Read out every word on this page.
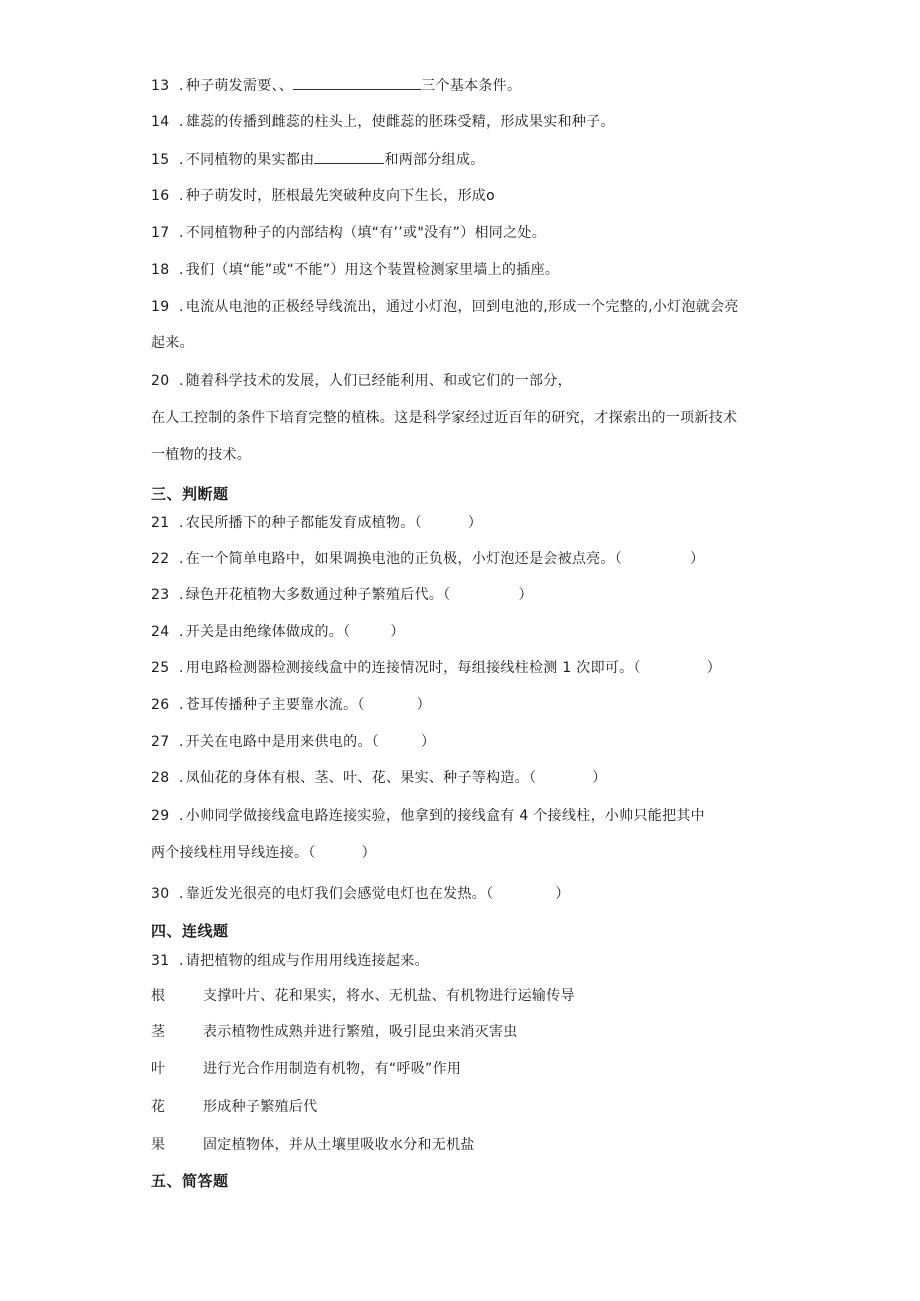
13 . 种子萌发需要、、	三个基本条件。
14 . 雄蕊的传播到雌蕊的柱头上，使雌蕊的胚珠受精，形成果实和种子。
15 . 不同植物的果实都由	和两部分组成。
16 . 种子萌发时，胚根最先突破种皮向下生长，形成o
17 . 不同植物种子的内部结构（填“有’’或"没有”）相同之处。
18 . 我们（填“能”或“不能”）用这个装置检测家里墙上的插座。
19 . 电流从电池的正极经导线流出，通过小灯泡，回到电池的,形成一个完整的,小灯泡就会亮
起来。
20 . 随着科学技术的发展，人们已经能利用、和或它们的一部分，
在人工控制的条件下培育完整的植株。这是科学家经过近百年的研究，才探索出的一项新技术
一植物的技术。
三、判断题
21 . 农民所播下的种子都能发育成植物。（	）
22 . 在一个简单电路中，如果调换电池的正负极，小灯泡还是会被点亮。（	）
23 . 绿色开花植物大多数通过种子繁殖后代。（	）
24 . 开关是由绝缘体做成的。（	）
25 . 用电路检测器检测接线盒中的连接情况时，每组接线柱检测 1 次即可。（	）
26 . 苍耳传播种子主要靠水流。（	）
27 . 开关在电路中是用来供电的。（	）
28 . 凤仙花的身体有根、茎、叶、花、果实、种子等构造。（	）
29 . 小帅同学做接线盒电路连接实验，他拿到的接线盒有 4 个接线柱，小帅只能把其中
两个接线柱用导线连接。（	）
30 . 靠近发光很亮的电灯我们会感觉电灯也在发热。（	）
四、连线题
31 . 请把植物的组成与作用用线连接起来。
根	支撑叶片、花和果实，将水、无机盐、有机物进行运输传导
茎	表示植物性成熟并进行繁殖，吸引昆虫来消灭害虫
叶	进行光合作用制造有机物，有“呼吸”作用
花	形成种子繁殖后代
果	固定植物体，并从土壤里吸收水分和无机盐
五、简答题
